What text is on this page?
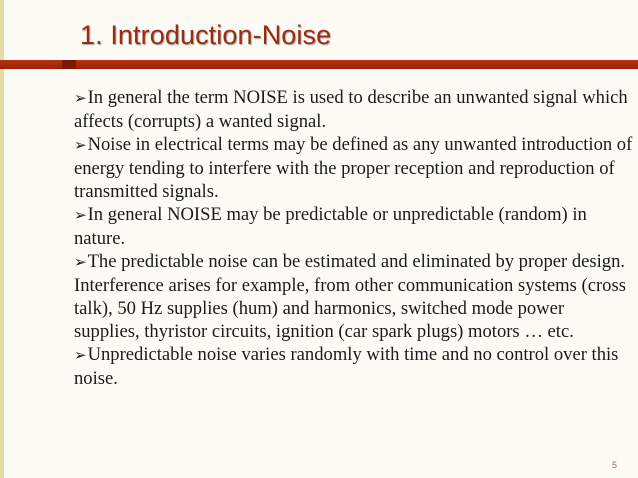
1. Introduction-Noise
➢In general the term NOISE is used to describe an unwanted signal which affects (corrupts) a wanted signal.
➢Noise in electrical terms may be defined as any unwanted introduction of energy tending to interfere with the proper reception and reproduction of transmitted signals.
➢In general NOISE may be predictable or unpredictable (random) in nature.
➢The predictable noise can be estimated and eliminated by proper design. Interference arises for example, from other communication systems (cross talk), 50 Hz supplies (hum) and harmonics, switched mode power supplies, thyristor circuits, ignition (car spark plugs) motors … etc.
➢Unpredictable noise varies randomly with time and no control over this noise.
5
